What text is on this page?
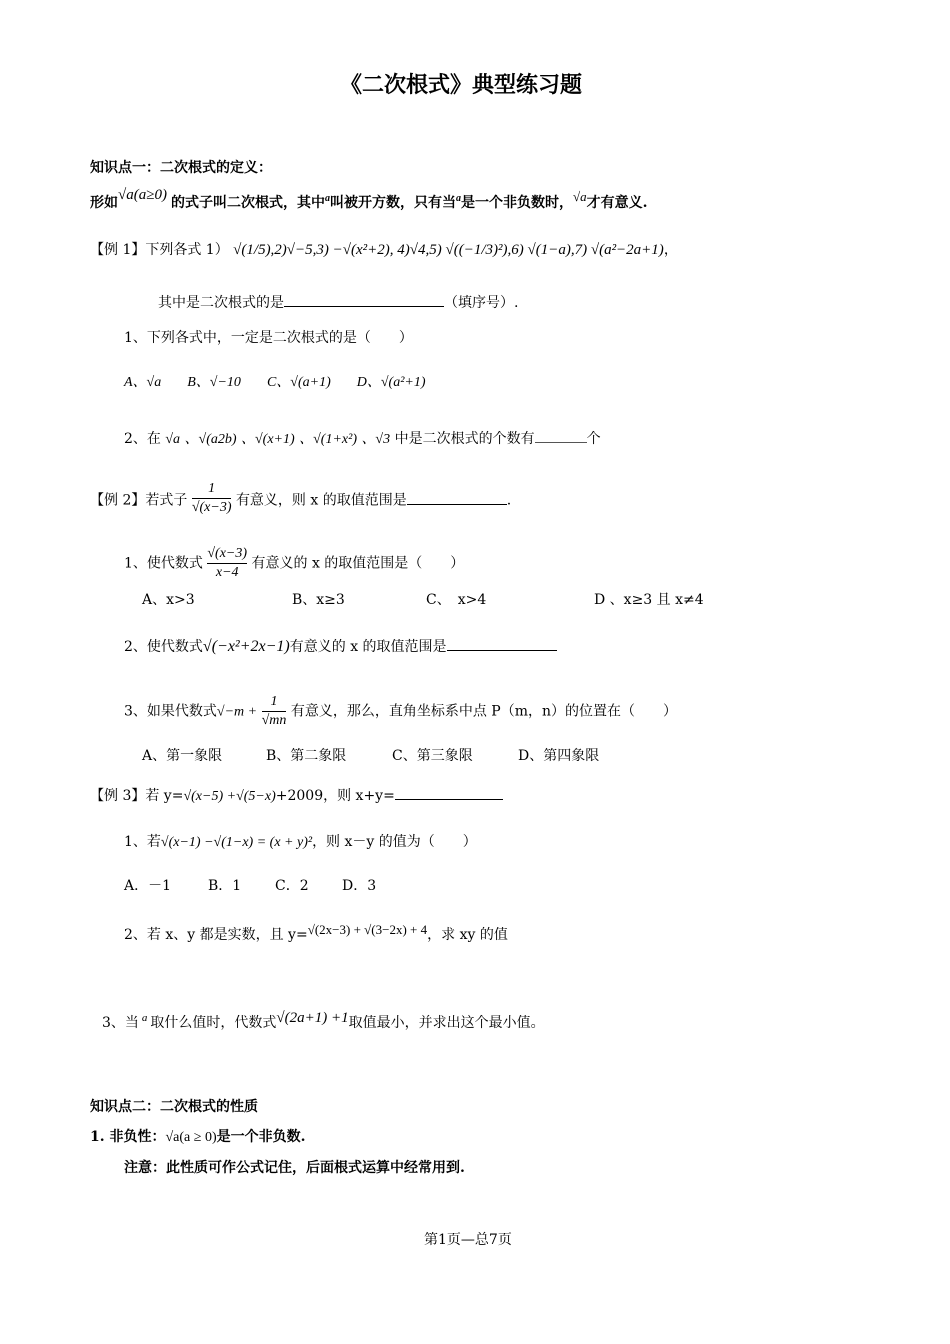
《二次根式》典型练习题
知识点一：二次根式的定义：
形如√a(a≥0) 的式子叫二次根式，其中$^a$叫被开方数，只有当$^a$是一个非负数时，√a才有意义.
【例 1】下列各式 1） √(1/5),2)√−5,3) −√(x²+2), 4)√4,5) √((−1/3)²),6) √(1−a),7) √(a²−2a+1)，
其中是二次根式的是	（填序号）.
1、下列各式中，一定是二次根式的是（　　）
A、√a B、√−10 C、√(a+1) D、√(a²+1)
2、在 √a 、√(a2b) 、√(x+1) 、√(1+x²) 、√3 中是二次根式的个数有	个
【例 2】若式子 $\frac{1}{√(x-3)}$ 有意义，则 x 的取值范围是	.
1、使代数式 $\frac{√(x-3)}{x-4}$ 有意义的 x 的取值范围是（　　）
A、x>3	B、x≥3	C、　x>4	D 、x≥3 且 x≠4
2、使代数式√(−x²+2x−1)有意义的 x 的取值范围是
3、如果代数式$√-m + \frac{1}{√mn}$ 有意义，那么，直角坐标系中点 P（m，n）的位置在（　　）
A、第一象限	B、第二象限	C、第三象限	D、第四象限
【例 3】若 y=√(x−5) +√(5−x)+2009，则 x+y=
1、若√(x−1) −√(1−x) = (x + y)²，则 x－y 的值为（　　）
A．－1	B．1 C．2 D．3
2、若 x、y 都是实数，且 y=√(2x−3) + √(3−2x) + 4，求 xy 的值
3、当 $^a$ 取什么值时，代数式√(2a+1) +1取值最小，并求出这个最小值。
知识点二：二次根式的性质
1. 非负性：√a(a ≥ 0)是一个非负数.
注意：此性质可作公式记住，后面根式运算中经常用到.
第1页—总7页
